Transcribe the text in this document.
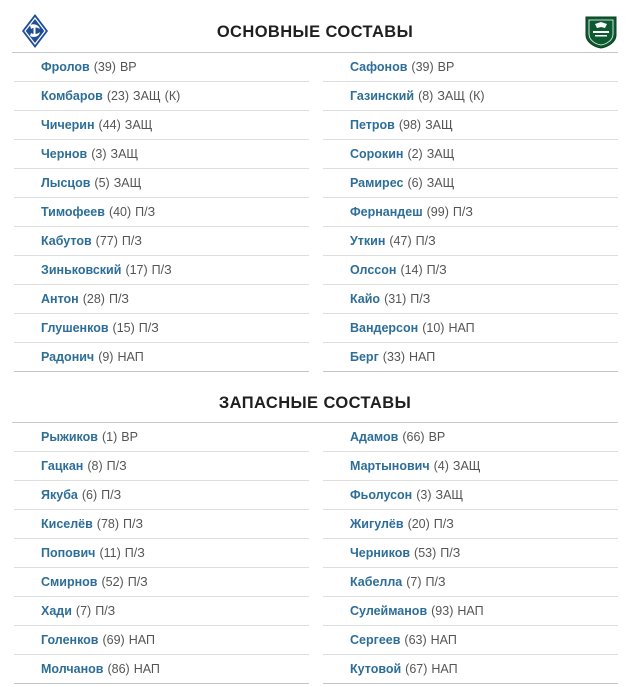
ОСНОВНЫЕ СОСТАВЫ
Фролов (39) ВР
Комбаров (23) ЗАЩ (К)
Чичерин (44) ЗАЩ
Чернов (3) ЗАЩ
Лысцов (5) ЗАЩ
Тимофеев (40) П/З
Кабутов (77) П/З
Зиньковский (17) П/З
Антон (28) П/З
Глушенков (15) П/З
Радонич (9) НАП
Сафонов (39) ВР
Газинский (8) ЗАЩ (К)
Петров (98) ЗАЩ
Сорокин (2) ЗАЩ
Рамирес (6) ЗАЩ
Фернандеш (99) П/З
Уткин (47) П/З
Олссон (14) П/З
Кайо (31) П/З
Вандерсон (10) НАП
Берг (33) НАП
ЗАПАСНЫЕ СОСТАВЫ
Рыжиков (1) ВР
Гацкан (8) П/З
Якуба (6) П/З
Киселёв (78) П/З
Попович (11) П/З
Смирнов (52) П/З
Хади (7) П/З
Голенков (69) НАП
Молчанов (86) НАП
Адамов (66) ВР
Мартынович (4) ЗАЩ
Фьолусон (3) ЗАЩ
Жигулёв (20) П/З
Черников (53) П/З
Кабелла (7) П/З
Сулейманов (93) НАП
Сергеев (63) НАП
Кутовой (67) НАП
